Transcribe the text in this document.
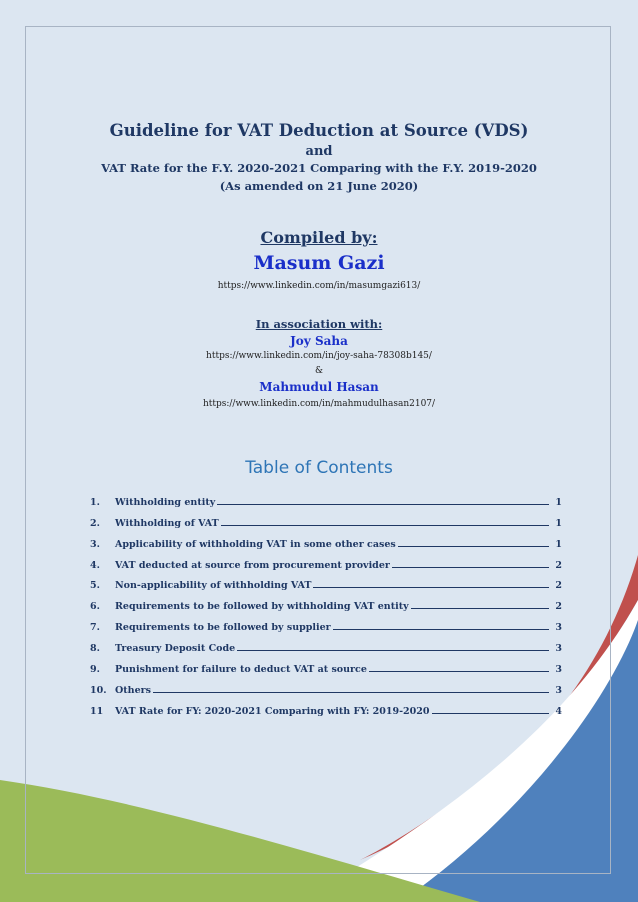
Guideline for VAT Deduction at Source (VDS)
and
VAT Rate for the F.Y. 2020-2021 Comparing with the F.Y. 2019-2020
(As amended on 21 June 2020)
Compiled by:
Masum Gazi
https://www.linkedin.com/in/masumgazi613/
In association with:
Joy Saha
https://www.linkedin.com/in/joy-saha-78308b145/
&
Mahmudul Hasan
https://www.linkedin.com/in/mahmudulhasan2107/
Table of Contents
1.	Withholding entity	1
2.	Withholding of VAT	1
3.	Applicability of withholding VAT in some other cases	1
4.	VAT deducted at source from procurement provider	2
5.	Non-applicability of withholding VAT	2
6.	Requirements to be followed by withholding VAT entity	2
7.	Requirements to be followed by supplier	3
8.	Treasury Deposit Code	3
9.	Punishment for failure to deduct VAT at source	3
10. Others	3
11	VAT Rate for FY: 2020-2021 Comparing with FY: 2019-2020	4
